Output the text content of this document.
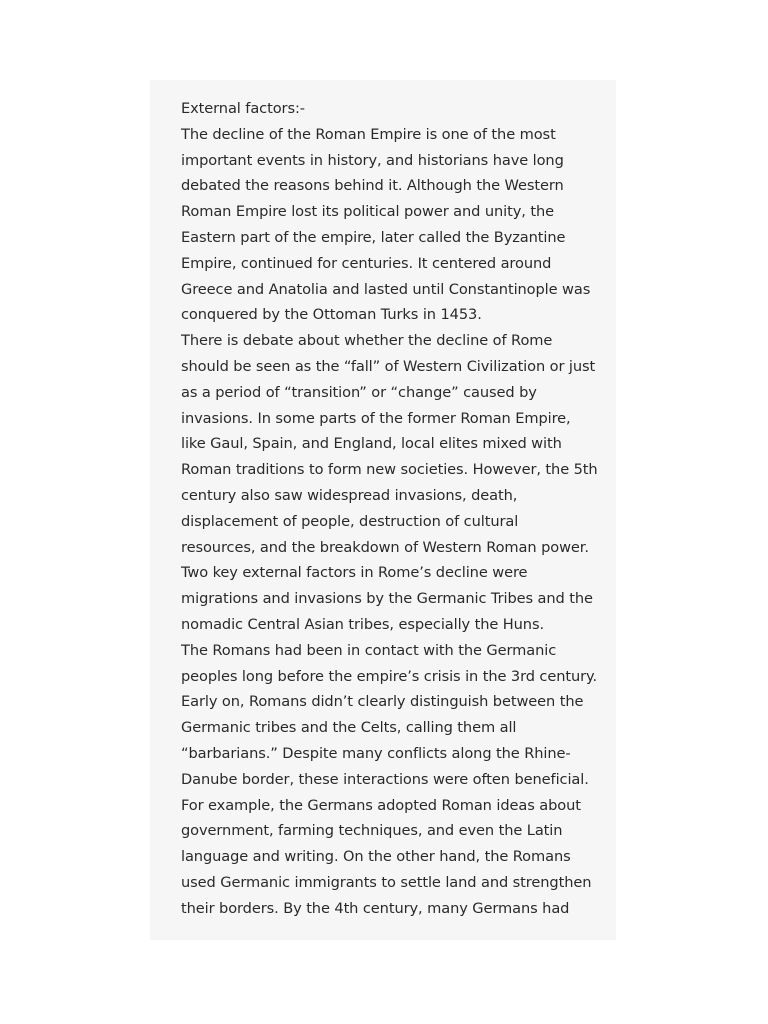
External factors:-
The decline of the Roman Empire is one of the most
important events in history, and historians have long
debated the reasons behind it. Although the Western
Roman Empire lost its political power and unity, the
Eastern part of the empire, later called the Byzantine
Empire, continued for centuries. It centered around
Greece and Anatolia and lasted until Constantinople was
conquered by the Ottoman Turks in 1453.
There is debate about whether the decline of Rome
should be seen as the “fall” of Western Civilization or just
as a period of “transition” or “change” caused by
invasions. In some parts of the former Roman Empire,
like Gaul, Spain, and England, local elites mixed with
Roman traditions to form new societies. However, the 5th
century also saw widespread invasions, death,
displacement of people, destruction of cultural
resources, and the breakdown of Western Roman power.
Two key external factors in Rome’s decline were
migrations and invasions by the Germanic Tribes and the
nomadic Central Asian tribes, especially the Huns.
The Romans had been in contact with the Germanic
peoples long before the empire’s crisis in the 3rd century.
Early on, Romans didn’t clearly distinguish between the
Germanic tribes and the Celts, calling them all
“barbarians.” Despite many conflicts along the Rhine-
Danube border, these interactions were often beneficial.
For example, the Germans adopted Roman ideas about
government, farming techniques, and even the Latin
language and writing. On the other hand, the Romans
used Germanic immigrants to settle land and strengthen
their borders. By the 4th century, many Germans had
